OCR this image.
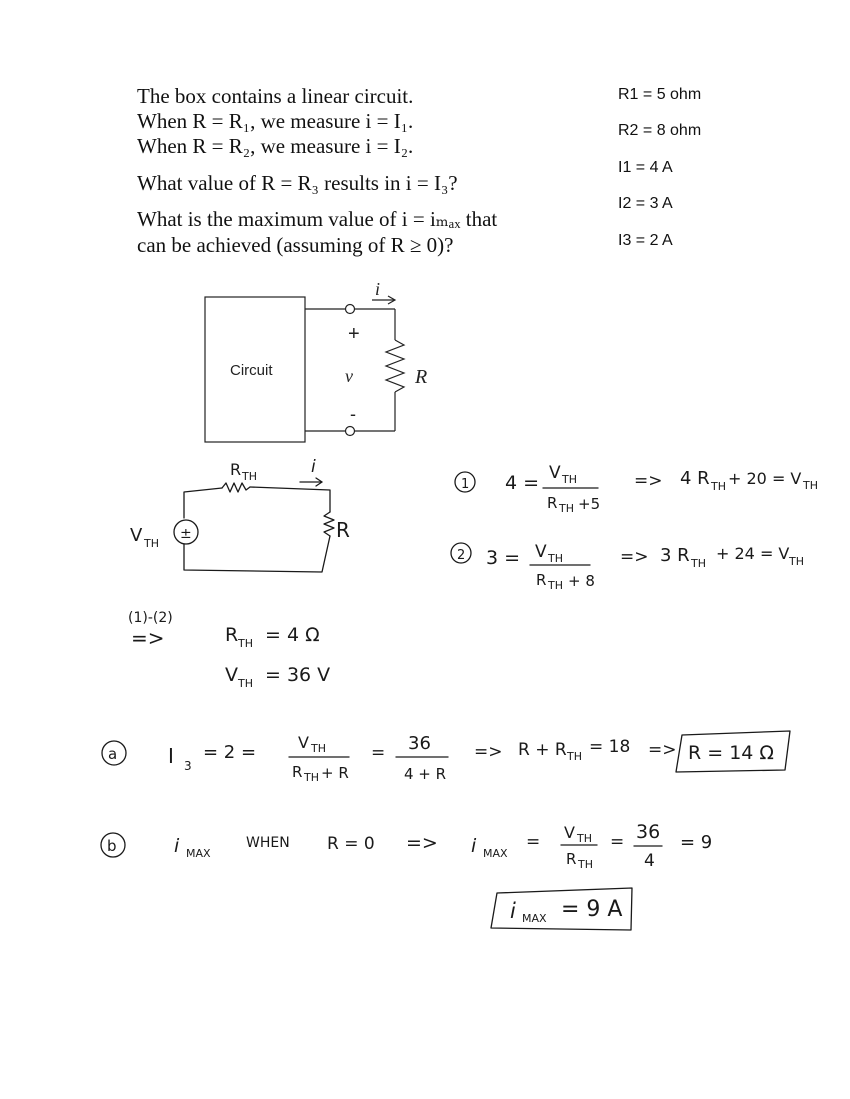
The box contains a linear circuit.
When R = R₁, we measure i = I₁.
When R = R₂, we measure i = I₂.
What value of R = R₃ results in i = I₃?
What is the maximum value of i = iₘₐₓ that
can be achieved (assuming of R ≥ 0)?
R1 = 5 ohm
R2 = 8 ohm
I1 = 4 A
I2 = 3 A
I3 = 2 A
Circuit
i
+
-
v	R
±
R TH	i
V TH
R
1 4 = V TH
R TH +5
=> 4 R TH + 20 = V TH
2 3 = V TH
R TH + 8
=> 3 R TH
+ 24 = V TH
(1)-(2)
=>	R TH = 4 Ω
V TH = 36 V
a	I 3
= 2 =	V TH
R TH + R
= 36
4 + R
=> R + R TH = 18 => R = 14 Ω
b	i MAX
WHEN R = 0 => i MAX
= V TH
R TH
= 36
4
= 9
i MAX = 9 A
